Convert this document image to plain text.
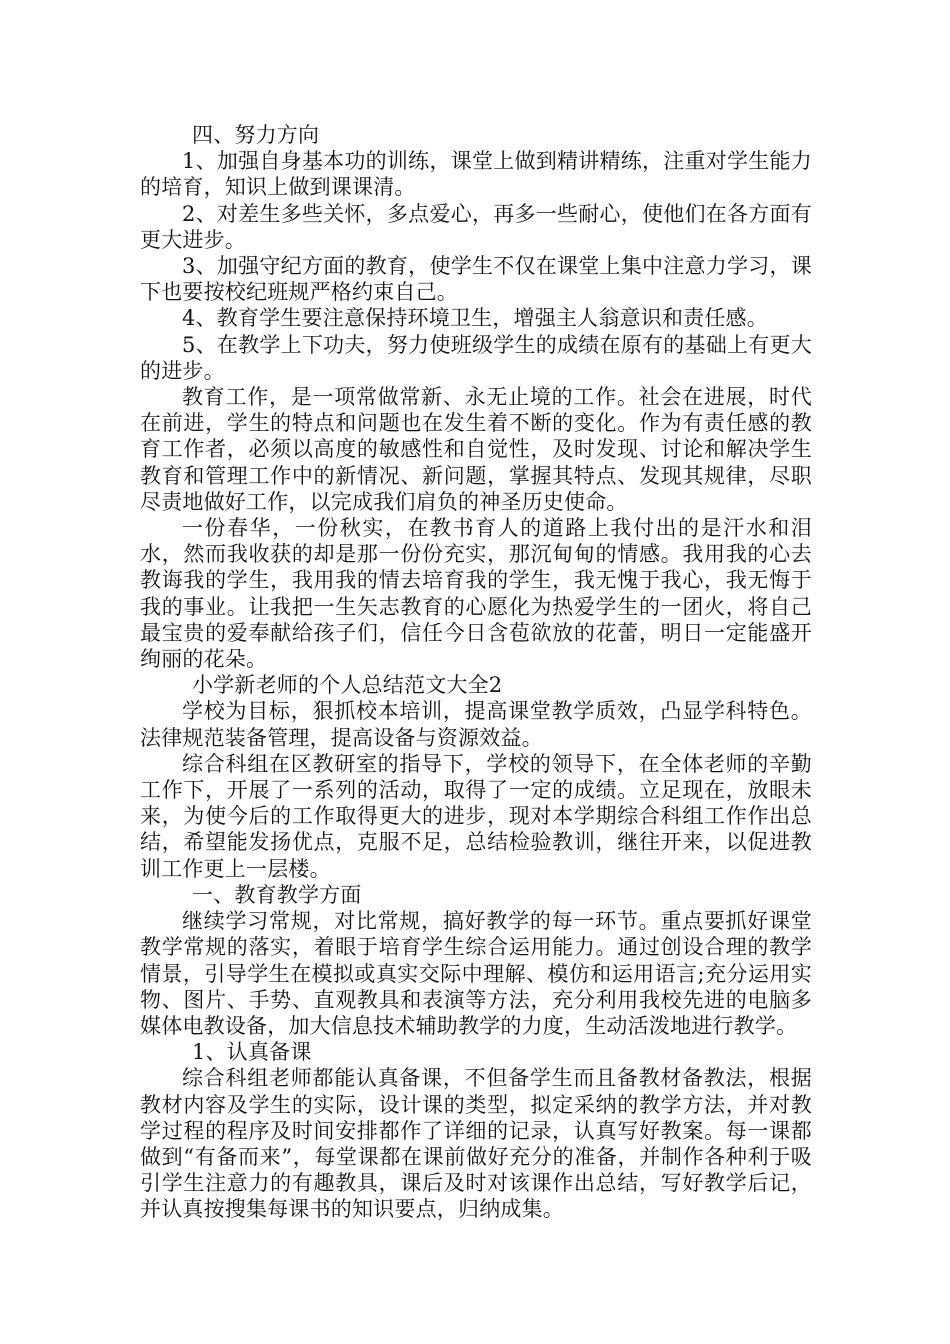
四、努力方向

1、加强自身基本功的训练，课堂上做到精讲精练，注重对学生能力的培育，知识上做到课课清。

2、对差生多些关怀，多点爱心，再多一些耐心，使他们在各方面有更大进步。

3、加强守纪方面的教育，使学生不仅在课堂上集中注意力学习，课下也要按校纪班规严格约束自己。

4、教育学生要注意保持环境卫生，增强主人翁意识和责任感。

5、在教学上下功夫，努力使班级学生的成绩在原有的基础上有更大的进步。

教育工作，是一项常做常新、永无止境的工作。社会在进展，时代在前进，学生的特点和问题也在发生着不断的变化。作为有责任感的教育工作者，必须以高度的敏感性和自觉性，及时发现、讨论和解决学生教育和管理工作中的新情况、新问题，掌握其特点、发现其规律，尽职尽责地做好工作，以完成我们肩负的神圣历史使命。

一份春华，一份秋实，在教书育人的道路上我付出的是汗水和泪水，然而我收获的却是那一份份充实，那沉甸甸的情感。我用我的心去教诲我的学生，我用我的情去培育我的学生，我无愧于我心，我无悔于我的事业。让我把一生矢志教育的心愿化为热爱学生的一团火，将自己最宝贵的爱奉献给孩子们，信任今日含苞欲放的花蕾，明日一定能盛开绚丽的花朵。

小学新老师的个人总结范文大全2

学校为目标，狠抓校本培训，提高课堂教学质效，凸显学科特色。法律规范装备管理，提高设备与资源效益。

综合科组在区教研室的指导下，学校的领导下，在全体老师的辛勤工作下，开展了一系列的活动，取得了一定的成绩。立足现在，放眼未来，为使今后的工作取得更大的进步，现对本学期综合科组工作作出总结，希望能发扬优点，克服不足，总结检验教训，继往开来，以促进教训工作更上一层楼。

一、教育教学方面

继续学习常规，对比常规，搞好教学的每一环节。重点要抓好课堂教学常规的落实，着眼于培育学生综合运用能力。通过创设合理的教学情景，引导学生在模拟或真实交际中理解、模仿和运用语言;充分运用实物、图片、手势、直观教具和表演等方法，充分利用我校先进的电脑多媒体电教设备，加大信息技术辅助教学的力度，生动活泼地进行教学。

1、认真备课

综合科组老师都能认真备课，不但备学生而且备教材备教法，根据教材内容及学生的实际，设计课的类型，拟定采纳的教学方法，并对教学过程的程序及时间安排都作了详细的记录，认真写好教案。每一课都做到“有备而来”，每堂课都在课前做好充分的准备，并制作各种利于吸引学生注意力的有趣教具，课后及时对该课作出总结，写好教学后记，并认真按搜集每课书的知识要点，归纳成集。
